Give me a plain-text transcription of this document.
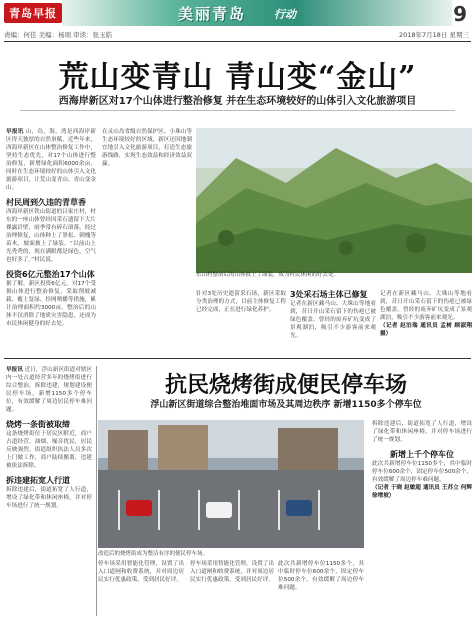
青岛早报	美丽青岛	行动	9
责编：何佳 美编：杨颂 审读：张玉皓	2018年7月18日 星期三
荒山变青山 青山变“金山”
西海岸新区对17个山体进行整治修复 并在生态环境较好的山体引入文化旅游项目
早报讯 山，岛，海，湾是西海岸新区得天独厚的自然禀赋。近些年来，西海岸新区在山体整治修复工作中，坚持生态优先，对17个山体进行整治修复，新增绿化面积6000余亩，同时在生态环境较好的山体引入文化旅游项目，让荒山变青山、青山变金山。
村民周到久违的青草香
西海岸新区铁山街道的吕家庄村，村东的一座山体曾经因采石遗留下大片裸露岩壁，雨季常有碎石滚落。经过治理修复，山体种上了黑松、刺槐等苗木，坡面披上了绿装。“以前山上光秃秃的，现在满眼都是绿色，空气也好多了。”村民说。
投资6亿元整治17个山体
据了解，新区投资6亿元，对17个受损山体进行整治修复，采取削坡减载、覆土复绿、挂网喷播等措施，累计治理面积约3000亩。整治后的山体不仅消除了地质灾害隐患，还成为市民休闲健身的好去处。
在灵山岛省级自然保护区、小珠山等生态环境较好的区域，新区还因地制宜地引入文化旅游项目，打造生态旅游线路，实现生态效益和经济效益双赢。
东山村整治后的山体披上了绿装，成为村民休闲的好去处。
针对3处历史遗留采石场，新区采取分类治理的方式，目前主体修复工程已经完成，正在进行绿化养护。
3处采石场主体已修复
记者在新区藏马山、大珠山等地看到，昔日开山采石留下的伤疤已被绿色覆盖，曾经的废弃矿坑变成了景观湖泊，吸引不少游客前来观光。
记者在新区藏马山、大珠山等地看到，昔日开山采石留下的伤疤已被绿色覆盖，曾经的废弃矿坑变成了景观湖泊，吸引不少游客前来观光。
（记者 赵泊瑞 通讯员 孟树 顾淑翔摄）
抗民烧烤街成便民停车场
浮山新区街道综合整治堆面市场及其周边秩序 新增1150多个停车位
早报讯 近日，浮山新区街道对辖区内一处占道经营多年的烧烤街进行综合整治，拆除违建，规划建设便民停车场，新增1150多个停车位，有效缓解了周边居民停车难问题。
烧烤一条街被取缔
这条烧烤街位于居民区附近，商户占道经营，油烟、噪音扰民，居民反映强烈。街道组织执法人员多次上门做工作，商户陆续搬离，违建被依法拆除。
拆违建拓宽人行道
拆除违建后，街道拓宽了人行道，增设了绿化带和休闲座椅，并对停车场进行了统一规划。
改造后的烧烤街成为整洁有序的便民停车场。
停车场采用智能化管理，设置了出入口道闸和收费系统，并对周边居民实行优惠政策，受到居民好评。
停车场采用智能化管理，设置了出入口道闸和收费系统，并对周边居民实行优惠政策，受到居民好评。
此次共新增停车位1150多个，其中临时停车位600余个，固定停车位500余个，有效缓解了周边停车难问题。
拆除违建后，街道拓宽了人行道，增设了绿化带和休闲座椅，并对停车场进行了统一规划。
新增上千个停车位
此次共新增停车位1150多个，其中临时停车位600余个，固定停车位500余个，有效缓解了周边停车难问题。
（记者 于晓 赵敏超 通讯员 王苏立 何辉 徐增坡）
